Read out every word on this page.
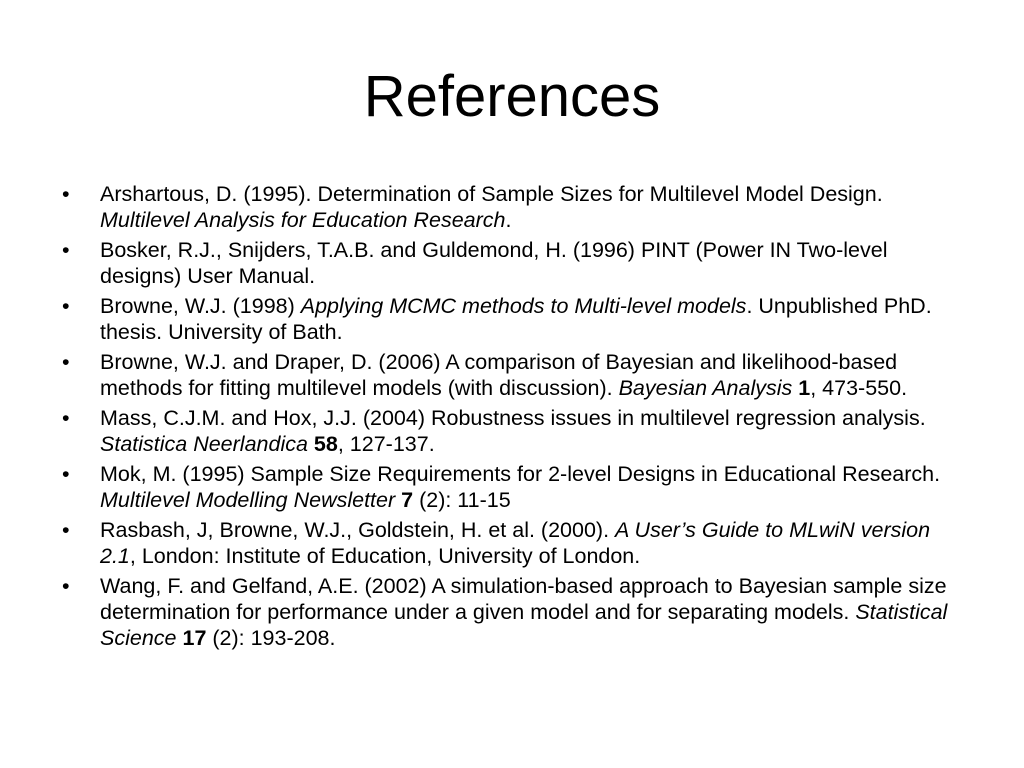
References
•	Arshartous, D. (1995). Determination of Sample Sizes for Multilevel Model Design. Multilevel Analysis for Education Research.
•	Bosker, R.J., Snijders, T.A.B. and Guldemond, H. (1996) PINT (Power IN Two-level designs) User Manual.
•	Browne, W.J. (1998) Applying MCMC methods to Multi-level models. Unpublished PhD. thesis. University of Bath.
•	Browne, W.J. and Draper, D. (2006) A comparison of Bayesian and likelihood-based methods for fitting multilevel models (with discussion). Bayesian Analysis 1, 473-550.
•	Mass, C.J.M. and Hox, J.J. (2004) Robustness issues in multilevel regression analysis. Statistica Neerlandica 58, 127-137.
•	Mok, M. (1995) Sample Size Requirements for 2-level Designs in Educational Research. Multilevel Modelling Newsletter 7 (2): 11-15
•	Rasbash, J, Browne, W.J., Goldstein, H. et al. (2000). A User’s Guide to MLwiN version 2.1, London: Institute of Education, University of London.
•	Wang, F. and Gelfand, A.E. (2002) A simulation-based approach to Bayesian sample size determination for performance under a given model and for separating models. Statistical Science 17 (2): 193-208.
